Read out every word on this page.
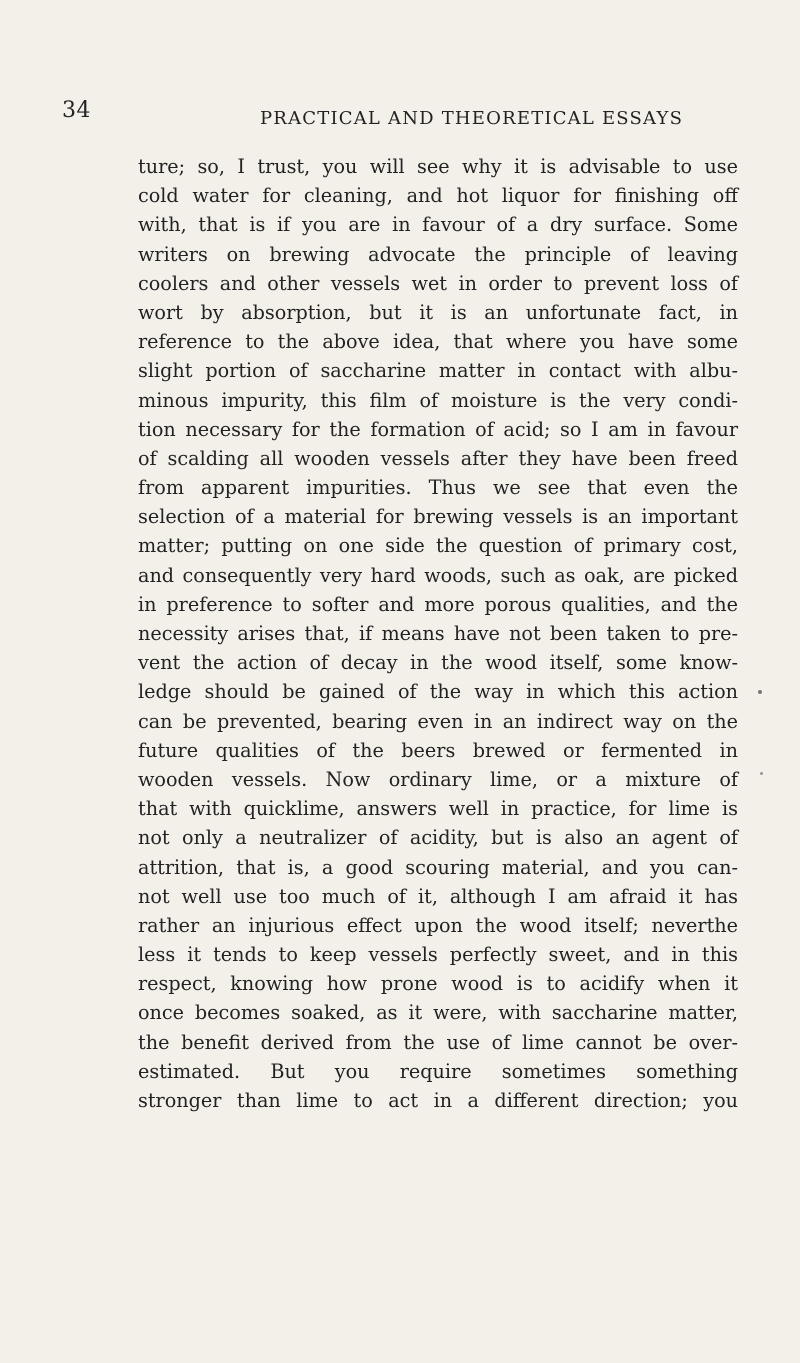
34	PRACTICAL AND THEORETICAL ESSAYS
ture; so, I trust, you will see why it is advisable to use
cold water for cleaning, and hot liquor for finishing off
with, that is if you are in favour of a dry surface. Some
writers on brewing advocate the principle of leaving
coolers and other vessels wet in order to prevent loss of
wort by absorption, but it is an unfortunate fact, in
reference to the above idea, that where you have some
slight portion of saccharine matter in contact with albu-
minous impurity, this film of moisture is the very condi-
tion necessary for the formation of acid; so I am in favour
of scalding all wooden vessels after they have been freed
from apparent impurities. Thus we see that even the
selection of a material for brewing vessels is an important
matter; putting on one side the question of primary cost,
and consequently very hard woods, such as oak, are picked
in preference to softer and more porous qualities, and the
necessity arises that, if means have not been taken to pre-
vent the action of decay in the wood itself, some know-
ledge should be gained of the way in which this action
can be prevented, bearing even in an indirect way on the
future qualities of the beers brewed or fermented in
wooden vessels. Now ordinary lime, or a mixture of
that with quicklime, answers well in practice, for lime is
not only a neutralizer of acidity, but is also an agent of
attrition, that is, a good scouring material, and you can-
not well use too much of it, although I am afraid it has
rather an injurious effect upon the wood itself; neverthe
less it tends to keep vessels perfectly sweet, and in this
respect, knowing how prone wood is to acidify when it
once becomes soaked, as it were, with saccharine matter,
the benefit derived from the use of lime cannot be over-
estimated. But you require sometimes something
stronger than lime to act in a different direction; you
